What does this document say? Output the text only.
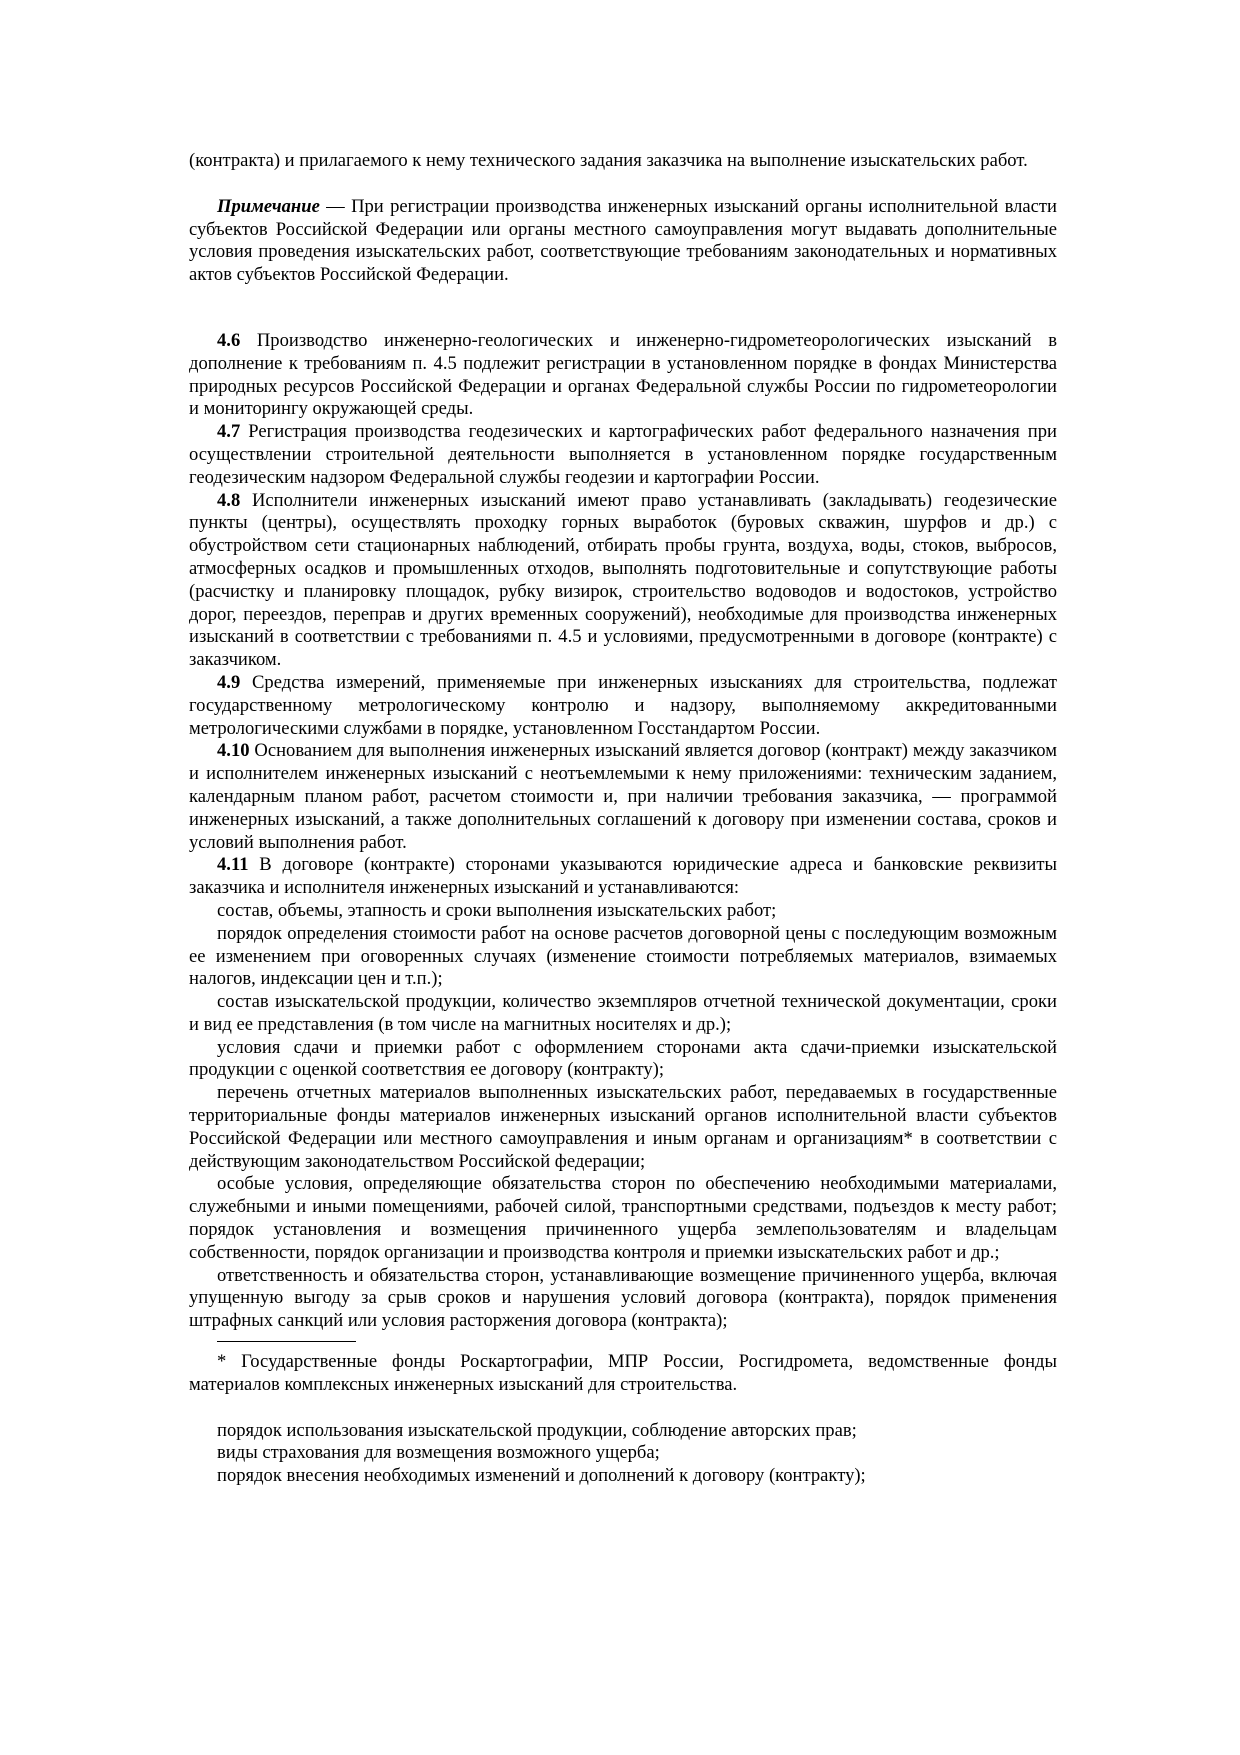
(контракта) и прилагаемого к нему технического задания заказчика на выполнение изыскательских работ.

Примечание — При регистрации производства инженерных изысканий органы исполнительной власти субъектов Российской Федерации или органы местного самоуправления могут выдавать дополнительные условия проведения изыскательских работ, соответствующие требованиям законодательных и нормативных актов субъектов Российской Федерации.

4.6 Производство инженерно-геологических и инженерно-гидрометеорологических изысканий в дополнение к требованиям п. 4.5 подлежит регистрации в установленном порядке в фондах Министерства природных ресурсов Российской Федерации и органах Федеральной службы России по гидрометеорологии и мониторингу окружающей среды.

4.7 Регистрация производства геодезических и картографических работ федерального назначения при осуществлении строительной деятельности выполняется в установленном порядке государственным геодезическим надзором Федеральной службы геодезии и картографии России.

4.8 Исполнители инженерных изысканий имеют право устанавливать (закладывать) геодезические пункты (центры), осуществлять проходку горных выработок (буровых скважин, шурфов и др.) с обустройством сети стационарных наблюдений, отбирать пробы грунта, воздуха, воды, стоков, выбросов, атмосферных осадков и промышленных отходов, выполнять подготовительные и сопутствующие работы (расчистку и планировку площадок, рубку визирок, строительство водоводов и водостоков, устройство дорог, переездов, переправ и других временных сооружений), необходимые для производства инженерных изысканий в соответствии с требованиями п. 4.5 и условиями, предусмотренными в договоре (контракте) с заказчиком.

4.9 Средства измерений, применяемые при инженерных изысканиях для строительства, подлежат государственному метрологическому контролю и надзору, выполняемому аккредитованными метрологическими службами в порядке, установленном Госстандартом России.

4.10 Основанием для выполнения инженерных изысканий является договор (контракт) между заказчиком и исполнителем инженерных изысканий с неотъемлемыми к нему приложениями: техническим заданием, календарным планом работ, расчетом стоимости и, при наличии требования заказчика, — программой инженерных изысканий, а также дополнительных соглашений к договору при изменении состава, сроков и условий выполнения работ.

4.11 В договоре (контракте) сторонами указываются юридические адреса и банковские реквизиты заказчика и исполнителя инженерных изысканий и устанавливаются:

состав, объемы, этапность и сроки выполнения изыскательских работ;

порядок определения стоимости работ на основе расчетов договорной цены с последующим возможным ее изменением при оговоренных случаях (изменение стоимости потребляемых материалов, взимаемых налогов, индексации цен и т.п.);

состав изыскательской продукции, количество экземпляров отчетной технической документации, сроки и вид ее представления (в том числе на магнитных носителях и др.);

условия сдачи и приемки работ с оформлением сторонами акта сдачи-приемки изыскательской продукции с оценкой соответствия ее договору (контракту);

перечень отчетных материалов выполненных изыскательских работ, передаваемых в государственные территориальные фонды материалов инженерных изысканий органов исполнительной власти субъектов Российской Федерации или местного самоуправления и иным органам и организациям* в соответствии с действующим законодательством Российской федерации;

особые условия, определяющие обязательства сторон по обеспечению необходимыми материалами, служебными и иными помещениями, рабочей силой, транспортными средствами, подъездов к месту работ; порядок установления и возмещения причиненного ущерба землепользователям и владельцам собственности, порядок организации и производства контроля и приемки изыскательских работ и др.;

ответственность и обязательства сторон, устанавливающие возмещение причиненного ущерба, включая упущенную выгоду за срыв сроков и нарушения условий договора (контракта), порядок применения штрафных санкций или условия расторжения договора (контракта);

* Государственные фонды Роскартографии, МПР России, Росгидромета, ведомственные фонды материалов комплексных инженерных изысканий для строительства.

порядок использования изыскательской продукции, соблюдение авторских прав;

виды страхования для возмещения возможного ущерба;

порядок внесения необходимых изменений и дополнений к договору (контракту);
